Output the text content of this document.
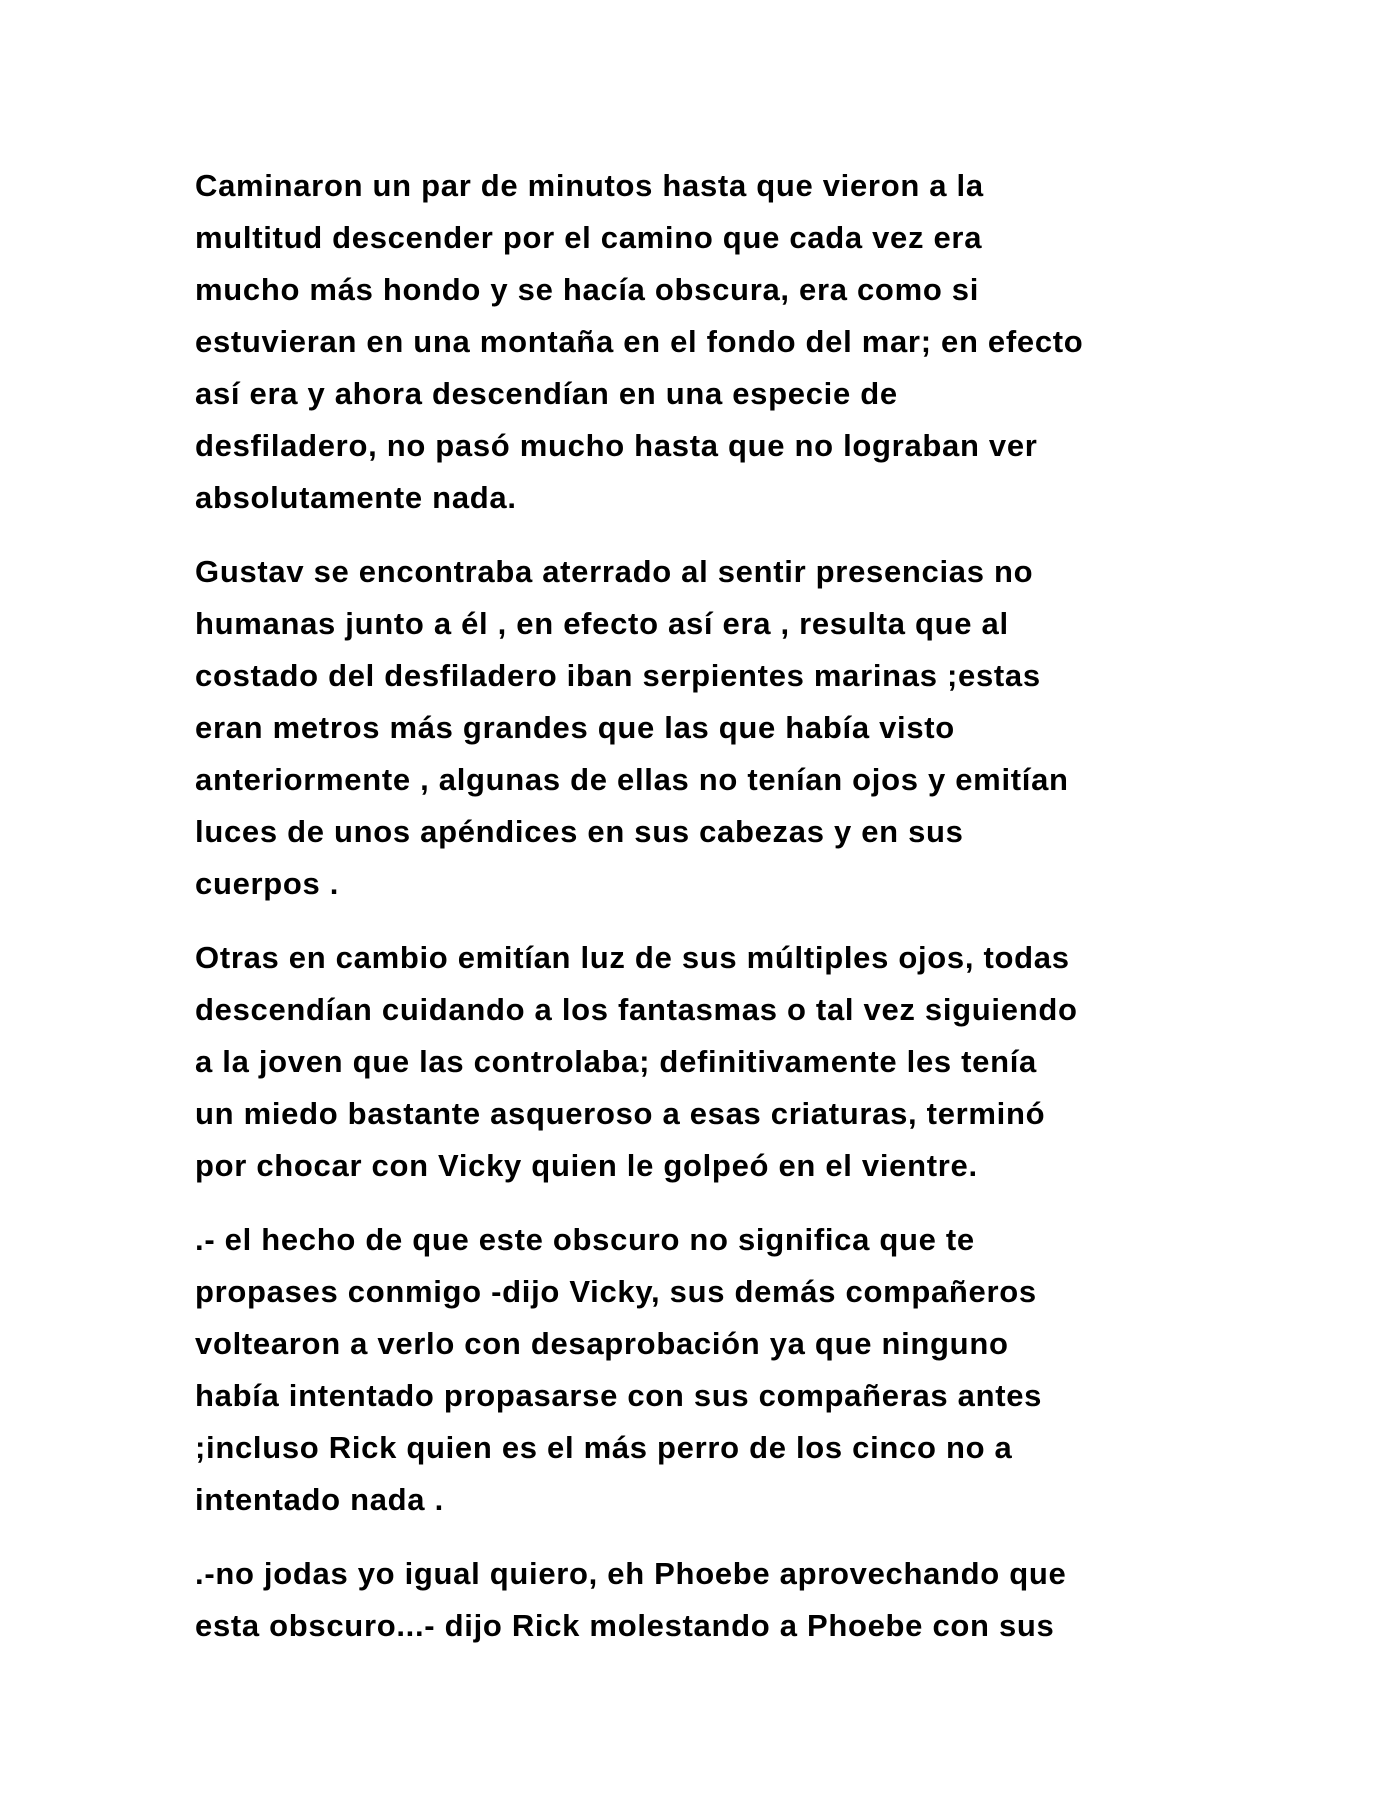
Caminaron un par de minutos hasta que vieron a la
multitud descender por el camino que cada vez era
mucho más hondo y se hacía obscura, era como si
estuvieran en una montaña en el fondo del mar; en efecto
así era y ahora descendían en una especie de
desfiladero, no pasó mucho hasta que no lograban ver
absolutamente nada.

Gustav se encontraba aterrado al sentir presencias no
humanas junto a él , en efecto así era , resulta que al
costado del desfiladero iban serpientes marinas ;estas
eran metros más grandes que las que había visto
anteriormente , algunas de ellas no tenían ojos y emitían
luces de unos apéndices en sus cabezas y en sus
cuerpos .

Otras en cambio emitían luz de sus múltiples ojos, todas
descendían cuidando a los fantasmas o tal vez siguiendo
a la joven que las controlaba; definitivamente les tenía
un miedo bastante asqueroso a esas criaturas, terminó
por chocar con Vicky quien le golpeó en el vientre.

.- el hecho de que este obscuro no significa que te
propases conmigo -dijo Vicky, sus demás compañeros
voltearon a verlo con desaprobación ya que ninguno
había intentado propasarse con sus compañeras antes
;incluso Rick quien es el más perro de los cinco no a
intentado nada .

.-no jodas yo igual quiero, eh Phoebe aprovechando que
esta obscuro...- dijo Rick molestando a Phoebe con sus
